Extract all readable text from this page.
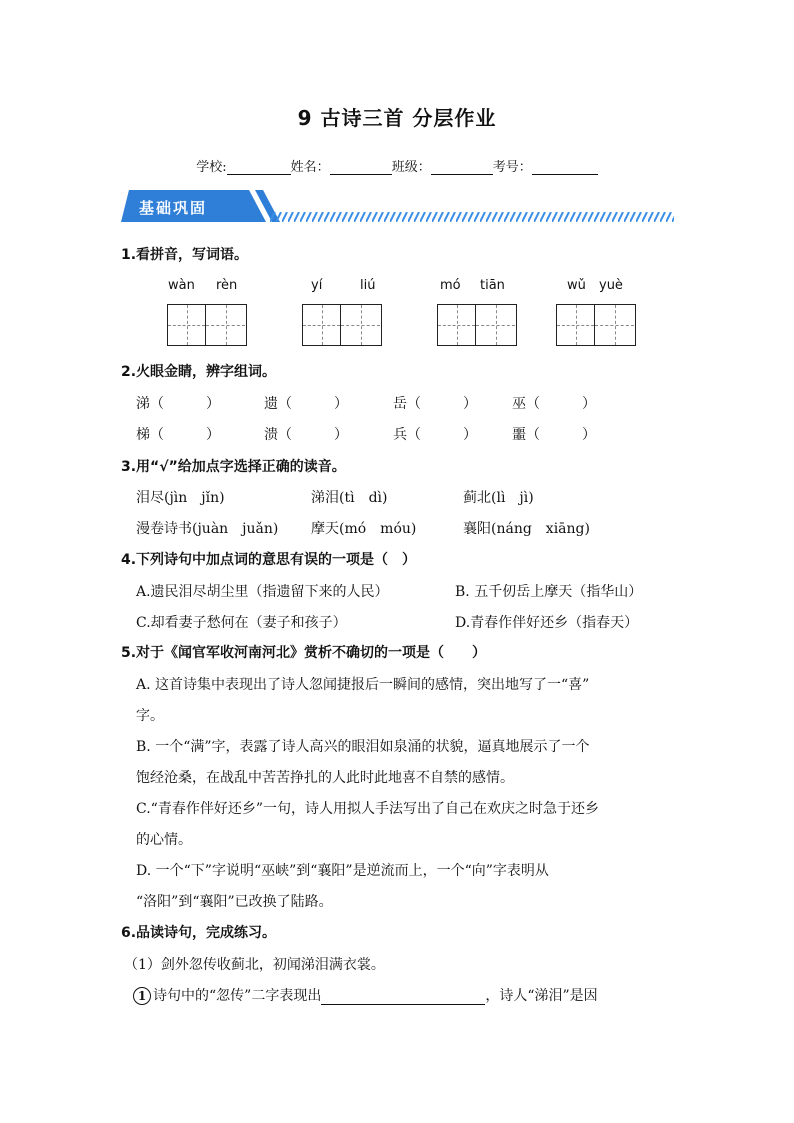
9 古诗三首 分层作业
学校:	姓名：	班级：	考号：
基础巩固
1.看拼音，写词语。
wàn rèn	yí	liú	mó tiān	wǔ yuè
2.火眼金睛，辨字组词。
涕（　　　）	遗（　　　）	岳（　　　）	巫（　　　）
梯（　　　）	溃（　　　）	兵（　　　）	噩（　　　）
3.用“√”给加点字选择正确的读音。
泪尽(jìn　jǐn)	涕泪(tì　dì)	蓟北(lì　jì)
漫卷诗书(juàn　juǎn) 摩天(mó　móu)	襄阳(náng　xiāng)
4.下列诗句中加点词的意思有误的一项是（　）
A.遗民泪尽胡尘里（指遗留下来的人民）	B. 五千仞岳上摩天（指华山）
C.却看妻子愁何在（妻子和孩子）	D.青春作伴好还乡（指春天）
5.对于《闻官军收河南河北》赏析不确切的一项是（　　）
A. 这首诗集中表现出了诗人忽闻捷报后一瞬间的感情，突出地写了一“喜”
字。
B. 一个“满”字，表露了诗人高兴的眼泪如泉涌的状貌，逼真地展示了一个
饱经沧桑，在战乱中苦苦挣扎的人此时此地喜不自禁的感情。
C.“青春作伴好还乡”一句，诗人用拟人手法写出了自己在欢庆之时急于还乡
的心情。
D. 一个“下”字说明“巫峡”到“襄阳”是逆流而上，一个“向”字表明从
“洛阳”到“襄阳”已改换了陆路。
6.品读诗句，完成练习。
（1）剑外忽传收蓟北，初闻涕泪满衣裳。
1 诗句中的“忽传”二字表现出	，诗人“涕泪”是因
